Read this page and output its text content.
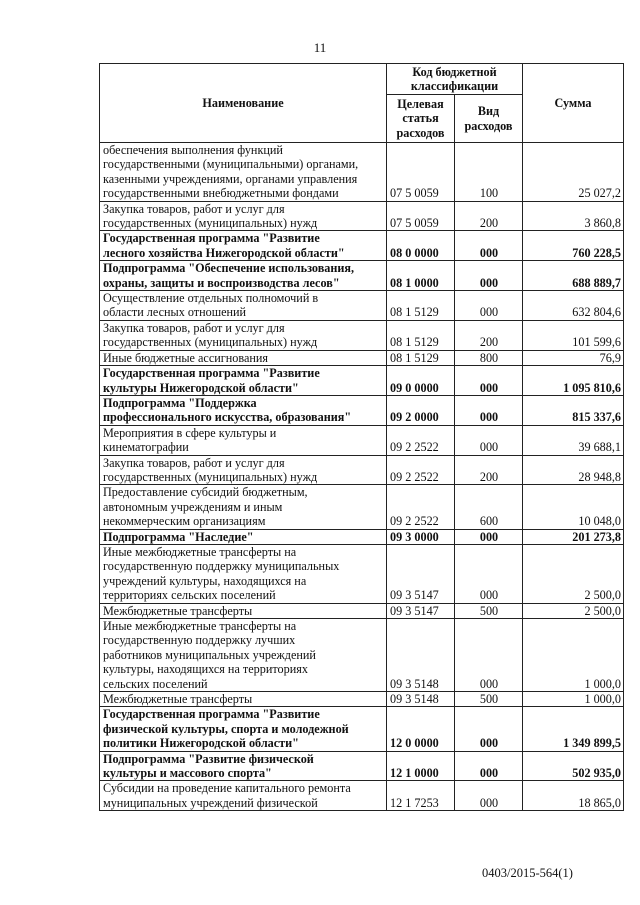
11
Наименование	Код бюджетной классификации		Сумма
	Целевая статья расходов	Вид расходов	
обеспечения выполнения функций
государственными (муниципальными) органами,
казенными учреждениями, органами управления
государственными внебюджетными фондами	07 5 0059	100	25 027,2
Закупка товаров, работ и услуг для
государственных (муниципальных) нужд	07 5 0059	200	3 860,8
Государственная программа "Развитие
лесного хозяйства Нижегородской области"	08 0 0000	000	760 228,5
Подпрограмма "Обеспечение использования,
охраны, защиты и воспроизводства лесов"	08 1 0000	000	688 889,7
Осуществление отдельных полномочий в
области лесных отношений	08 1 5129	000	632 804,6
Закупка товаров, работ и услуг для
государственных (муниципальных) нужд	08 1 5129	200	101 599,6
Иные бюджетные ассигнования	08 1 5129	800	76,9
Государственная программа "Развитие
культуры Нижегородской области"	09 0 0000	000	1 095 810,6
Подпрограмма "Поддержка
профессионального искусства, образования"	09 2 0000	000	815 337,6
Мероприятия в сфере культуры и
кинематографии	09 2 2522	000	39 688,1
Закупка товаров, работ и услуг для
государственных (муниципальных) нужд	09 2 2522	200	28 948,8
Предоставление субсидий бюджетным,
автономным учреждениям и иным
некоммерческим организациям	09 2 2522	600	10 048,0
Подпрограмма "Наследие"	09 3 0000	000	201 273,8
Иные межбюджетные трансферты на
государственную поддержку муниципальных
учреждений культуры, находящихся на
территориях сельских поселений	09 3 5147	000	2 500,0
Межбюджетные трансферты	09 3 5147	500	2 500,0
Иные межбюджетные трансферты на
государственную поддержку лучших
работников муниципальных учреждений
культуры, находящихся на территориях
сельских поселений	09 3 5148	000	1 000,0
Межбюджетные трансферты	09 3 5148	500	1 000,0
Государственная программа "Развитие
физической культуры, спорта и молодежной
политики Нижегородской области"	12 0 0000	000	1 349 899,5
Подпрограмма "Развитие физической
культуры и массового спорта"	12 1 0000	000	502 935,0
Субсидии на проведение капитального ремонта
муниципальных учреждений физической	12 1 7253	000	18 865,0
0403/2015-564(1)
